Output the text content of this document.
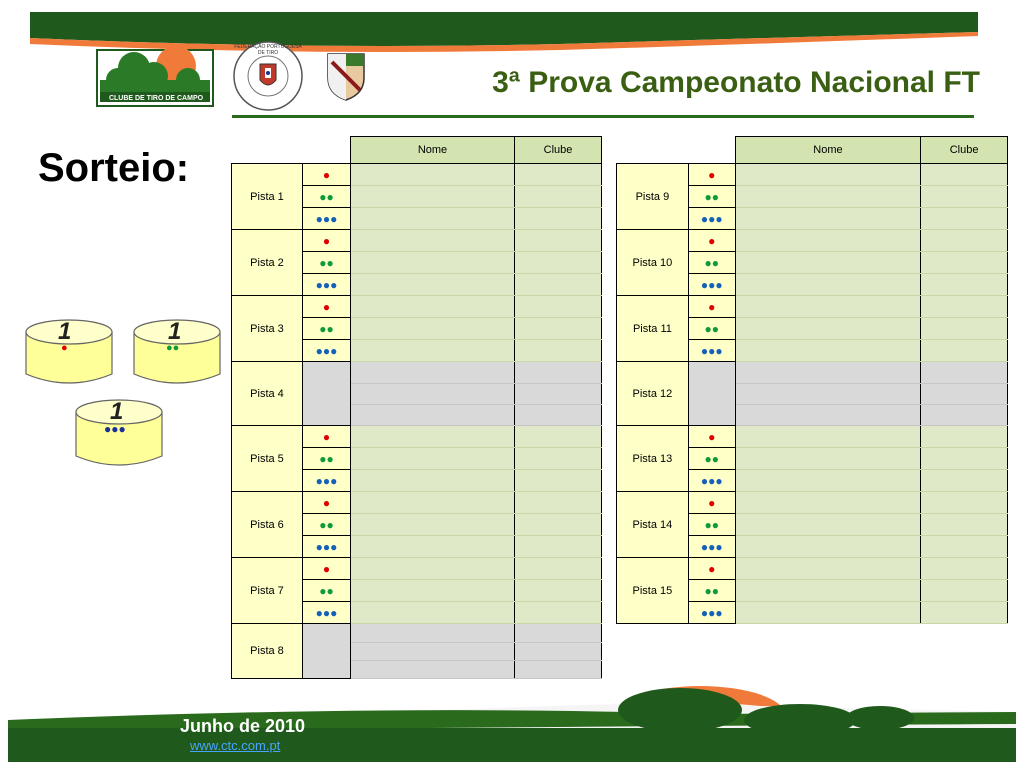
CLUBE DE TIRO DE CAMPO
FEDERAÇÃO PORTUGUESA DE TIRO
3ª Prova Campeonato Nacional FT
Sorteio:
1
●
1
●●
1
●●●
		Nome	Clube
Pista 1	●		
	●●		
	●●●		
Pista 2	●		
	●●		
	●●●		
Pista 3	●		
	●●		
	●●●		
Pista 4			

Pista 5	●		
	●●		
	●●●		
Pista 6	●		
	●●		
	●●●		
Pista 7	●		
	●●		
	●●●		
Pista 8			

		Nome	Clube
Pista 9	●		
	●●		
	●●●		
Pista 10	●		
	●●		
	●●●		
Pista 11	●		
	●●		
	●●●		
Pista 12			

Pista 13	●		
	●●		
	●●●		
Pista 14	●		
	●●		
	●●●		
Pista 15	●		
	●●		
	●●●		
Junho de 2010
www.ctc.com.pt
